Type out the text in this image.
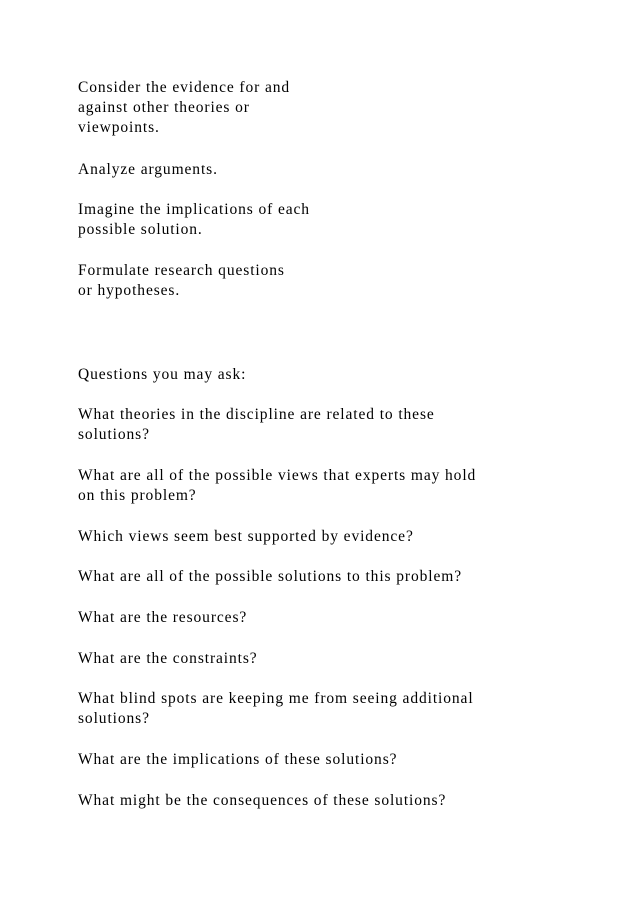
Consider the evidence for and
against other theories or
viewpoints.
Analyze arguments.
Imagine the implications of each
possible solution.
Formulate research questions
or hypotheses.
Questions you may ask:
What theories in the discipline are related to these
solutions?
What are all of the possible views that experts may hold
on this problem?
Which views seem best supported by evidence?
What are all of the possible solutions to this problem?
What are the resources?
What are the constraints?
What blind spots are keeping me from seeing additional
solutions?
What are the implications of these solutions?
What might be the consequences of these solutions?
